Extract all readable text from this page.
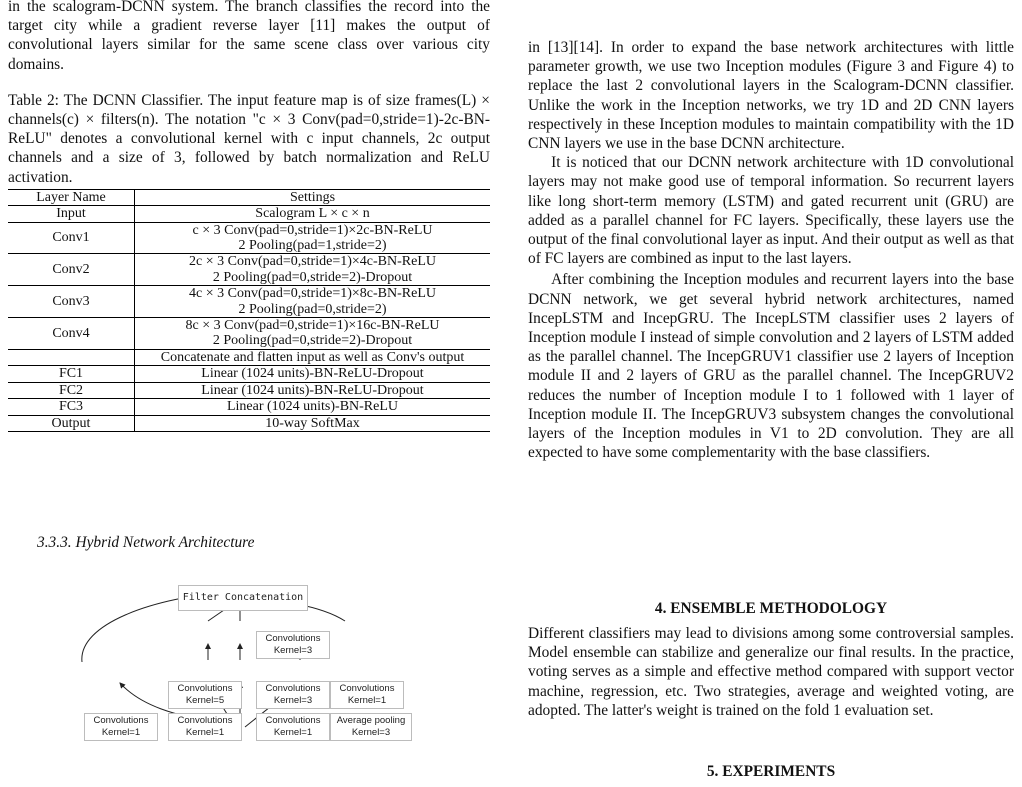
in the scalogram-DCNN system. The branch classifies the record into the target city while a gradient reverse layer [11] makes the output of convolutional layers similar for the same scene class over various city domains.

Table 2: The DCNN Classifier. The input feature map is of size frames(L) × channels(c) × filters(n). The notation "c × 3 Conv(pad=0,stride=1)-2c-BN-ReLU" denotes a convolutional kernel with c input channels, 2c output channels and a size of 3, followed by batch normalization and ReLU activation.

Layer Name	Settings
Input	Scalogram L × c × n

Conv1	c × 3 Conv(pad=0,stride=1)×2c-BN-ReLU
2 Pooling(pad=1,stride=2)

Conv2	2c × 3 Conv(pad=0,stride=1)×4c-BN-ReLU
2 Pooling(pad=0,stride=2)-Dropout

Conv3	4c × 3 Conv(pad=0,stride=1)×8c-BN-ReLU
2 Pooling(pad=0,stride=2)

Conv4	8c × 3 Conv(pad=0,stride=1)×16c-BN-ReLU
2 Pooling(pad=0,stride=2)-Dropout

	Concatenate and flatten input as well as Conv's output

FC1	Linear (1024 units)-BN-ReLU-Dropout

FC2	Linear (1024 units)-BN-ReLU-Dropout

FC3	Linear (1024 units)-BN-ReLU

Output	10-way SoftMax
3.3.3. Hybrid Network Architecture
Filter Concatenation
Convolutions
Kernel=3
Convolutions
Kernel=5
Convolutions
Kernel=3
Convolutions
Kernel=1
Convolutions
Kernel=1
Convolutions
Kernel=1
Convolutions
Kernel=1
Average pooling
Kernel=3

in [13][14]. In order to expand the base network architectures with little parameter growth, we use two Inception modules (Figure 3 and Figure 4) to replace the last 2 convolutional layers in the Scalogram-DCNN classifier. Unlike the work in the Inception networks, we try 1D and 2D CNN layers respectively in these Inception modules to maintain compatibility with the 1D CNN layers we use in the base DCNN architecture.

It is noticed that our DCNN network architecture with 1D convolutional layers may not make good use of temporal information. So recurrent layers like long short-term memory (LSTM) and gated recurrent unit (GRU) are added as a parallel channel for FC layers. Specifically, these layers use the output of the final convolutional layer as input. And their output as well as that of FC layers are combined as input to the last layers.

After combining the Inception modules and recurrent layers into the base DCNN network, we get several hybrid network architectures, named IncepLSTM and IncepGRU. The IncepLSTM classifier uses 2 layers of Inception module I instead of simple convolution and 2 layers of LSTM added as the parallel channel. The IncepGRUV1 classifier use 2 layers of Inception module II and 2 layers of GRU as the parallel channel. The IncepGRUV2 reduces the number of Inception module I to 1 followed with 1 layer of Inception module II. The IncepGRUV3 subsystem changes the convolutional layers of the Inception modules in V1 to 2D convolution. They are all expected to have some complementarity with the base classifiers.

4. ENSEMBLE METHODOLOGY

Different classifiers may lead to divisions among some controversial samples. Model ensemble can stabilize and generalize our final results. In the practice, voting serves as a simple and effective method compared with support vector machine, regression, etc. Two strategies, average and weighted voting, are adopted. The latter's weight is trained on the fold 1 evaluation set.

5. EXPERIMENTS
